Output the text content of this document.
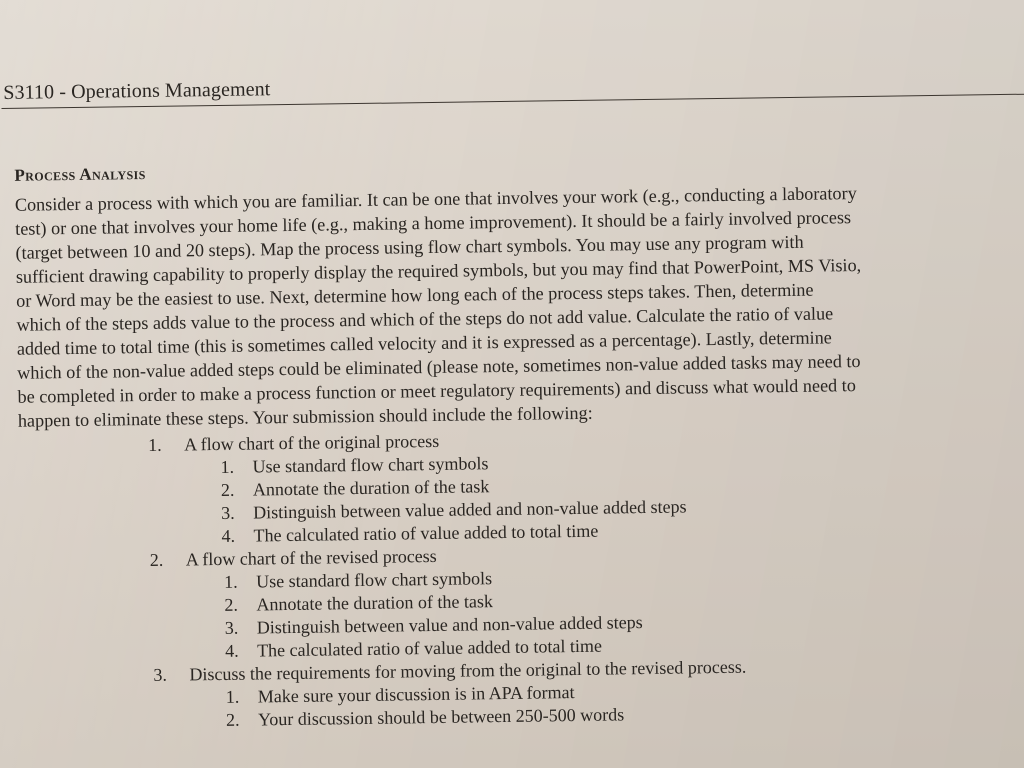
S3110 - Operations Management
Process Analysis
Consider a process with which you are familiar. It can be one that involves your work (e.g., conducting a laboratory
test) or one that involves your home life (e.g., making a home improvement). It should be a fairly involved process
(target between 10 and 20 steps). Map the process using flow chart symbols. You may use any program with
sufficient drawing capability to properly display the required symbols, but you may find that PowerPoint, MS Visio,
or Word may be the easiest to use. Next, determine how long each of the process steps takes. Then, determine
which of the steps adds value to the process and which of the steps do not add value. Calculate the ratio of value
added time to total time (this is sometimes called velocity and it is expressed as a percentage). Lastly, determine
which of the non-value added steps could be eliminated (please note, sometimes non-value added tasks may need to
be completed in order to make a process function or meet regulatory requirements) and discuss what would need to
happen to eliminate these steps. Your submission should include the following:
1. A flow chart of the original process
1. Use standard flow chart symbols
2. Annotate the duration of the task
3. Distinguish between value added and non-value added steps
4. The calculated ratio of value added to total time
2. A flow chart of the revised process
1. Use standard flow chart symbols
2. Annotate the duration of the task
3. Distinguish between value and non-value added steps
4. The calculated ratio of value added to total time
3. Discuss the requirements for moving from the original to the revised process.
1. Make sure your discussion is in APA format
2. Your discussion should be between 250-500 words
